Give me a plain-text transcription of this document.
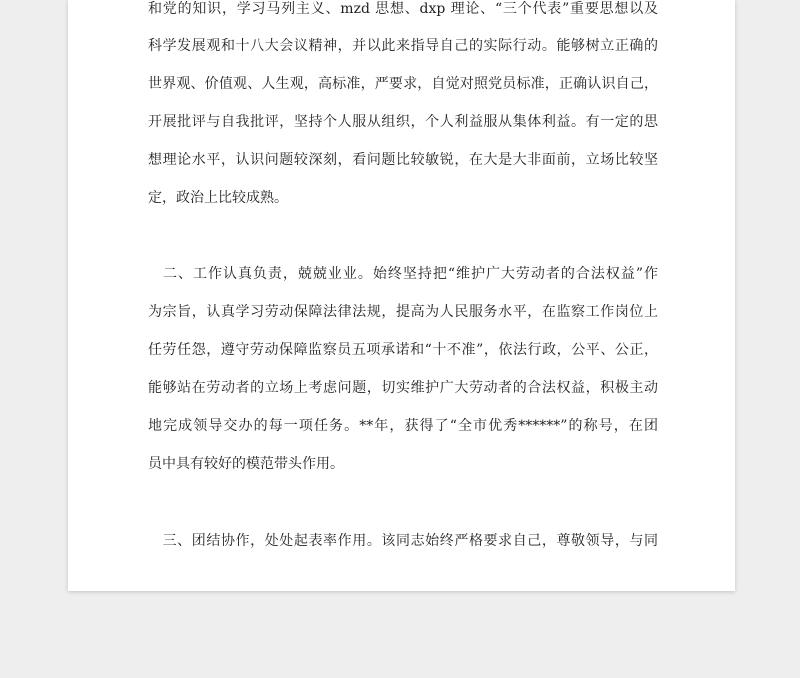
和党的知识，学习马列主义、mzd 思想、dxp 理论、“三个代表”重要思想以及
科学发展观和十八大会议精神，并以此来指导自己的实际行动。能够树立正确的
世界观、价值观、人生观，高标准，严要求，自觉对照党员标准，正确认识自己，
开展批评与自我批评，坚持个人服从组织，个人利益服从集体利益。有一定的思
想理论水平，认识问题较深刻，看问题比较敏锐，在大是大非面前，立场比较坚
定，政治上比较成熟。
　二、工作认真负责，兢兢业业。始终坚持把“维护广大劳动者的合法权益”作
为宗旨，认真学习劳动保障法律法规，提高为人民服务水平，在监察工作岗位上
任劳任怨，遵守劳动保障监察员五项承诺和“十不准”，依法行政，公平、公正，
能够站在劳动者的立场上考虑问题，切实维护广大劳动者的合法权益，积极主动
地完成领导交办的每一项任务。**年，获得了“全市优秀******”的称号，在团
员中具有较好的模范带头作用。
　三、团结协作，处处起表率作用。该同志始终严格要求自己，尊敬领导，与同
